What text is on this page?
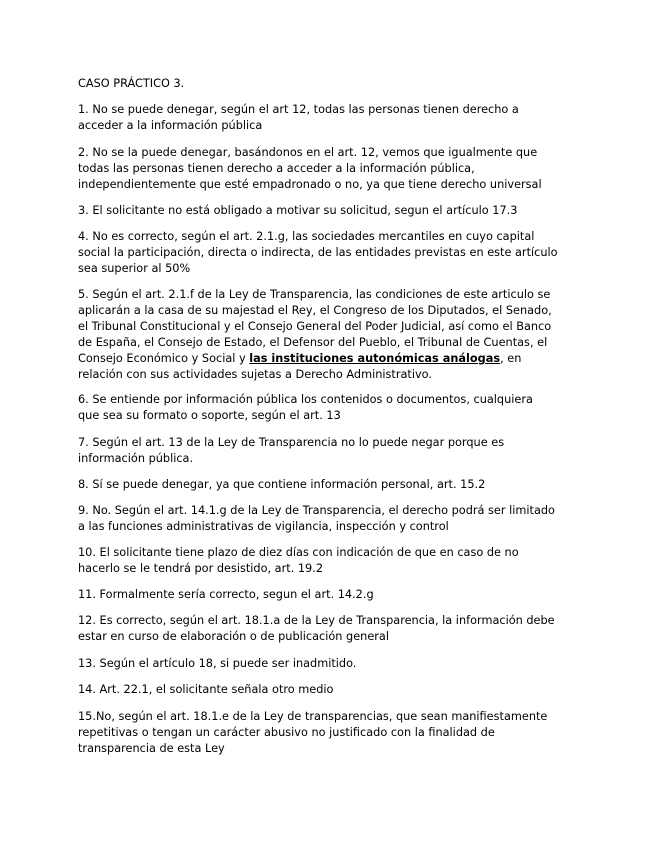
CASO PRÁCTICO 3.

1. No se puede denegar, según el art 12, todas las personas tienen derecho a
acceder a la información pública

2. No se la puede denegar, basándonos en el art. 12, vemos que igualmente que
todas las personas tienen derecho a acceder a la información pública,
independientemente que esté empadronado o no, ya que tiene derecho universal

3. El solicitante no está obligado a motivar su solicitud, segun el artículo 17.3

4. No es correcto, según el art. 2.1.g, las sociedades mercantiles en cuyo capital
social la participación, directa o indirecta, de las entidades previstas en este artículo
sea superior al 50%

5. Según el art. 2.1.f de la Ley de Transparencia, las condiciones de este articulo se
aplicarán a la casa de su majestad el Rey, el Congreso de los Diputados, el Senado,
el Tribunal Constitucional y el Consejo General del Poder Judicial, así como el Banco
de España, el Consejo de Estado, el Defensor del Pueblo, el Tribunal de Cuentas, el
Consejo Económico y Social y las instituciones autonómicas análogas, en
relación con sus actividades sujetas a Derecho Administrativo.

6. Se entiende por información pública los contenidos o documentos, cualquiera
que sea su formato o soporte, según el art. 13

7. Según el art. 13 de la Ley de Transparencia no lo puede negar porque es
información pública.

8. Sí se puede denegar, ya que contiene información personal, art. 15.2

9. No. Según el art. 14.1.g de la Ley de Transparencia, el derecho podrá ser limitado
a las funciones administrativas de vigilancia, inspección y control

10. El solicitante tiene plazo de diez días con indicación de que en caso de no
hacerlo se le tendrá por desistido, art. 19.2

11. Formalmente sería correcto, segun el art. 14.2.g

12. Es correcto, según el art. 18.1.a de la Ley de Transparencia, la información debe
estar en curso de elaboración o de publicación general

13. Según el artículo 18, si puede ser inadmitido.

14. Art. 22.1, el solicitante señala otro medio

15.No, según el art. 18.1.e de la Ley de transparencias, que sean manifiestamente
repetitivas o tengan un carácter abusivo no justificado con la finalidad de
transparencia de esta Ley
